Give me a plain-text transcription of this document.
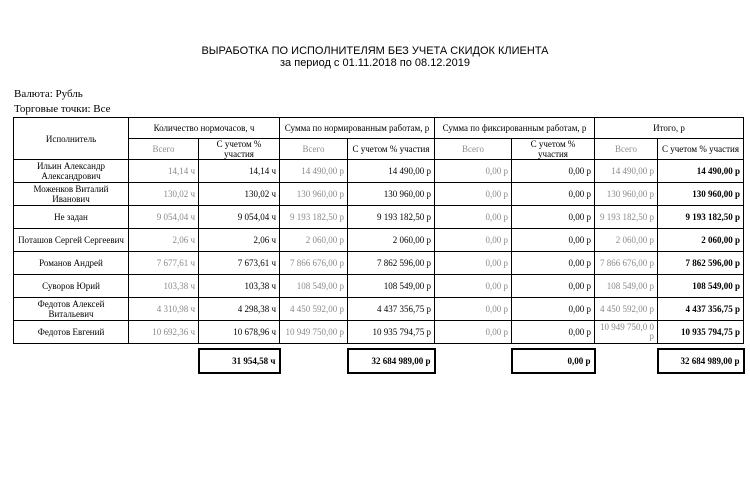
ВЫРАБОТКА ПО ИСПОЛНИТЕЛЯМ БЕЗ УЧЕТА СКИДОК КЛИЕНТА
за период с 01.11.2018 по 08.12.2019
Валюта: Рубль
Торговые точки: Все
Исполнитель	Количество нормочасов, ч		Сумма по нормированным работам, р		Сумма по фиксированным работам, р		Итого, р	
	Всего	С учетом % участия	Всего	С учетом % участия	Всего	С учетом % участия	Всего	С учетом % участия
Ильин Александр Александрович	14,14 ч	14,14 ч	14 490,00 р	14 490,00 р	0,00 р	0,00 р	14 490,00 р	14 490,00 р
Моженков Виталий Иванович	130,02 ч	130,02 ч	130 960,00 р	130 960,00 р	0,00 р	0,00 р	130 960,00 р	130 960,00 р
Не задан	9 054,04 ч	9 054,04 ч	9 193 182,50 р	9 193 182,50 р	0,00 р	0,00 р	9 193 182,50 р	9 193 182,50 р
Поташов Сергей Сергеевич	2,06 ч	2,06 ч	2 060,00 р	2 060,00 р	0,00 р	0,00 р	2 060,00 р	2 060,00 р
Романов Андрей	7 677,61 ч	7 673,61 ч	7 866 676,00 р	7 862 596,00 р	0,00 р	0,00 р	7 866 676,00 р	7 862 596,00 р
Суворов Юрий	103,38 ч	103,38 ч	108 549,00 р	108 549,00 р	0,00 р	0,00 р	108 549,00 р	108 549,00 р
Федотов Алексей Витальевич	4 310,98 ч	4 298,38 ч	4 450 592,00 р	4 437 356,75 р	0,00 р	0,00 р	4 450 592,00 р	4 437 356,75 р
Федотов Евгений	10 692,36 ч	10 678,96 ч	10 949 750,00 р	10 935 794,75 р	0,00 р	0,00 р	10 949 750,0 0 р	10 935 794,75 р

		31 954,58 ч		32 684 989,00 р		0,00 р		32 684 989,00 р
